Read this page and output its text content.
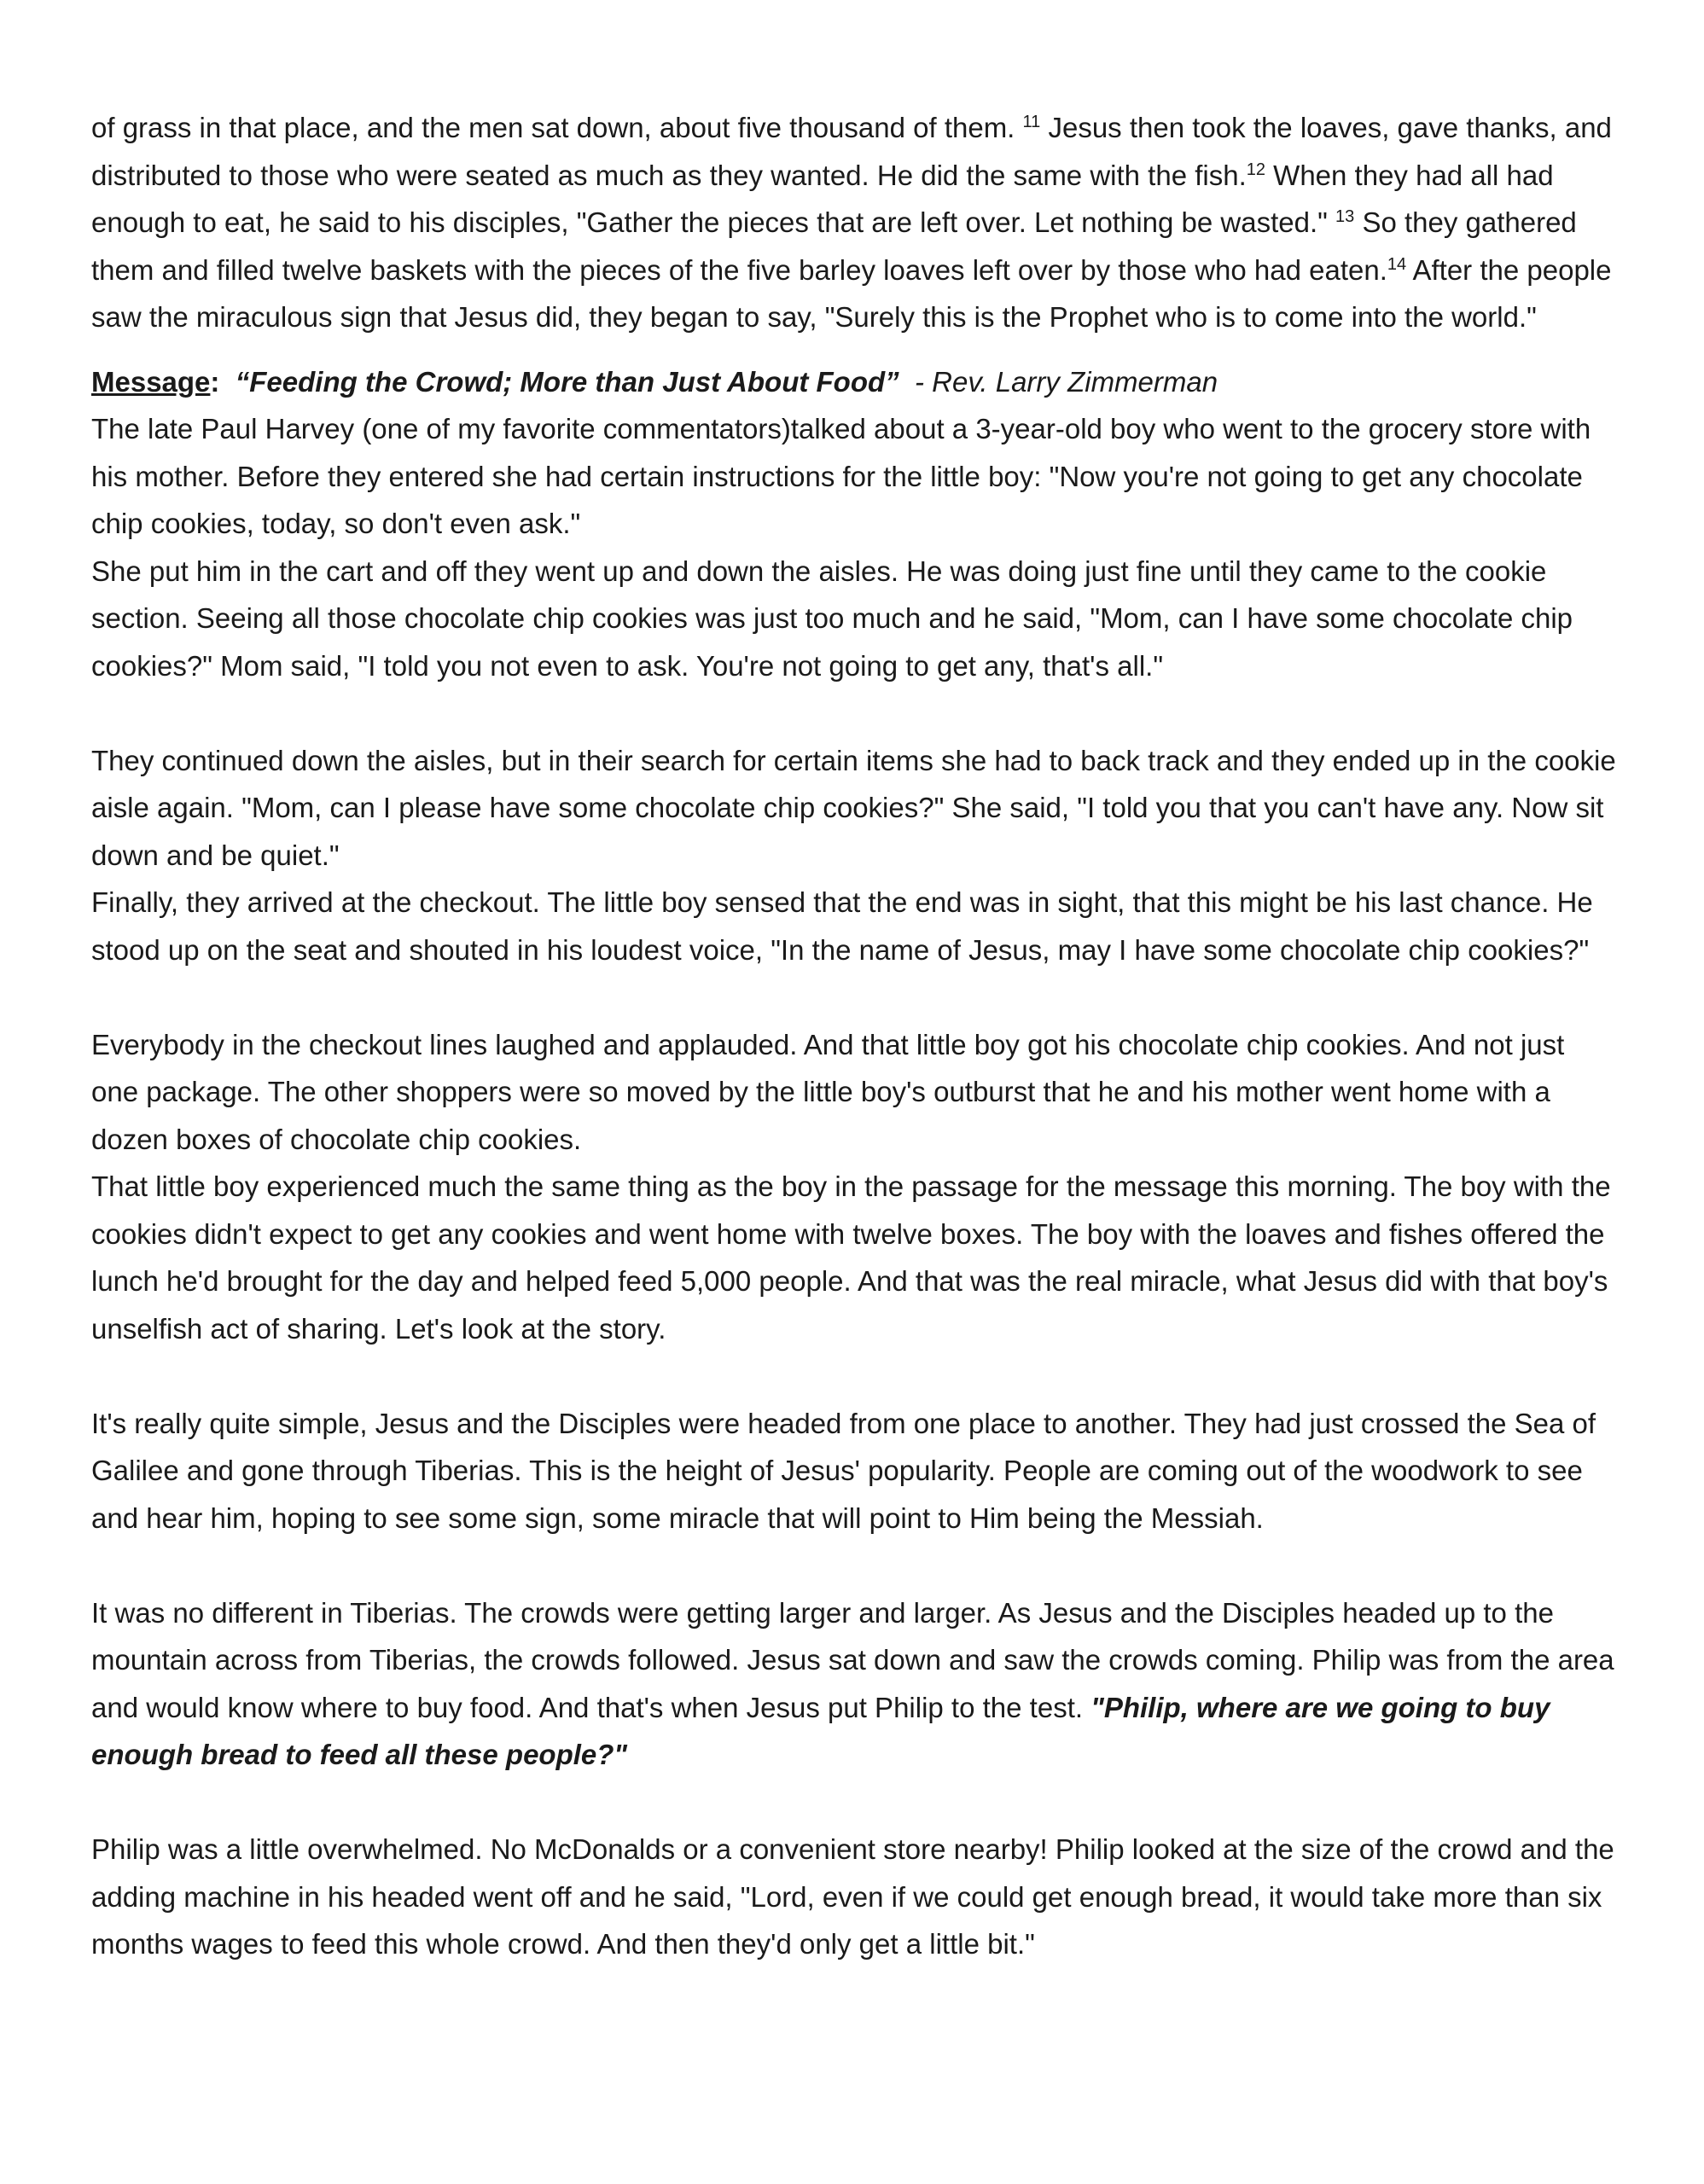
of grass in that place, and the men sat down, about five thousand of them. $^{11}$ Jesus then took the loaves, gave thanks, and distributed to those who were seated as much as they wanted. He did the same with the fish.$^{12}$ When they had all had enough to eat, he said to his disciples, "Gather the pieces that are left over. Let nothing be wasted." $^{13}$ So they gathered them and filled twelve baskets with the pieces of the five barley loaves left over by those who had eaten.$^{14}$ After the people saw the miraculous sign that Jesus did, they began to say, "Surely this is the Prophet who is to come into the world."

Message: “Feeding the Crowd; More than Just About Food” - Rev. Larry Zimmerman

The late Paul Harvey (one of my favorite commentators)talked about a 3-year-old boy who went to the grocery store with his mother. Before they entered she had certain instructions for the little boy: "Now you're not going to get any chocolate chip cookies, today, so don't even ask."

She put him in the cart and off they went up and down the aisles. He was doing just fine until they came to the cookie section. Seeing all those chocolate chip cookies was just too much and he said, "Mom, can I have some chocolate chip cookies?" Mom said, "I told you not even to ask. You're not going to get any, that's all."

They continued down the aisles, but in their search for certain items she had to back track and they ended up in the cookie aisle again. "Mom, can I please have some chocolate chip cookies?" She said, "I told you that you can't have any. Now sit down and be quiet."

Finally, they arrived at the checkout. The little boy sensed that the end was in sight, that this might be his last chance. He stood up on the seat and shouted in his loudest voice, "In the name of Jesus, may I have some chocolate chip cookies?"

Everybody in the checkout lines laughed and applauded. And that little boy got his chocolate chip cookies. And not just one package. The other shoppers were so moved by the little boy's outburst that he and his mother went home with a dozen boxes of chocolate chip cookies.

That little boy experienced much the same thing as the boy in the passage for the message this morning. The boy with the cookies didn't expect to get any cookies and went home with twelve boxes. The boy with the loaves and fishes offered the lunch he'd brought for the day and helped feed 5,000 people. And that was the real miracle, what Jesus did with that boy's unselfish act of sharing. Let's look at the story.

It's really quite simple, Jesus and the Disciples were headed from one place to another. They had just crossed the Sea of Galilee and gone through Tiberias. This is the height of Jesus' popularity. People are coming out of the woodwork to see and hear him, hoping to see some sign, some miracle that will point to Him being the Messiah.

It was no different in Tiberias. The crowds were getting larger and larger. As Jesus and the Disciples headed up to the mountain across from Tiberias, the crowds followed. Jesus sat down and saw the crowds coming. Philip was from the area and would know where to buy food. And that's when Jesus put Philip to the test. "Philip, where are we going to buy enough bread to feed all these people?"

Philip was a little overwhelmed. No McDonalds or a convenient store nearby! Philip looked at the size of the crowd and the adding machine in his headed went off and he said, "Lord, even if we could get enough bread, it would take more than six months wages to feed this whole crowd. And then they'd only get a little bit."
